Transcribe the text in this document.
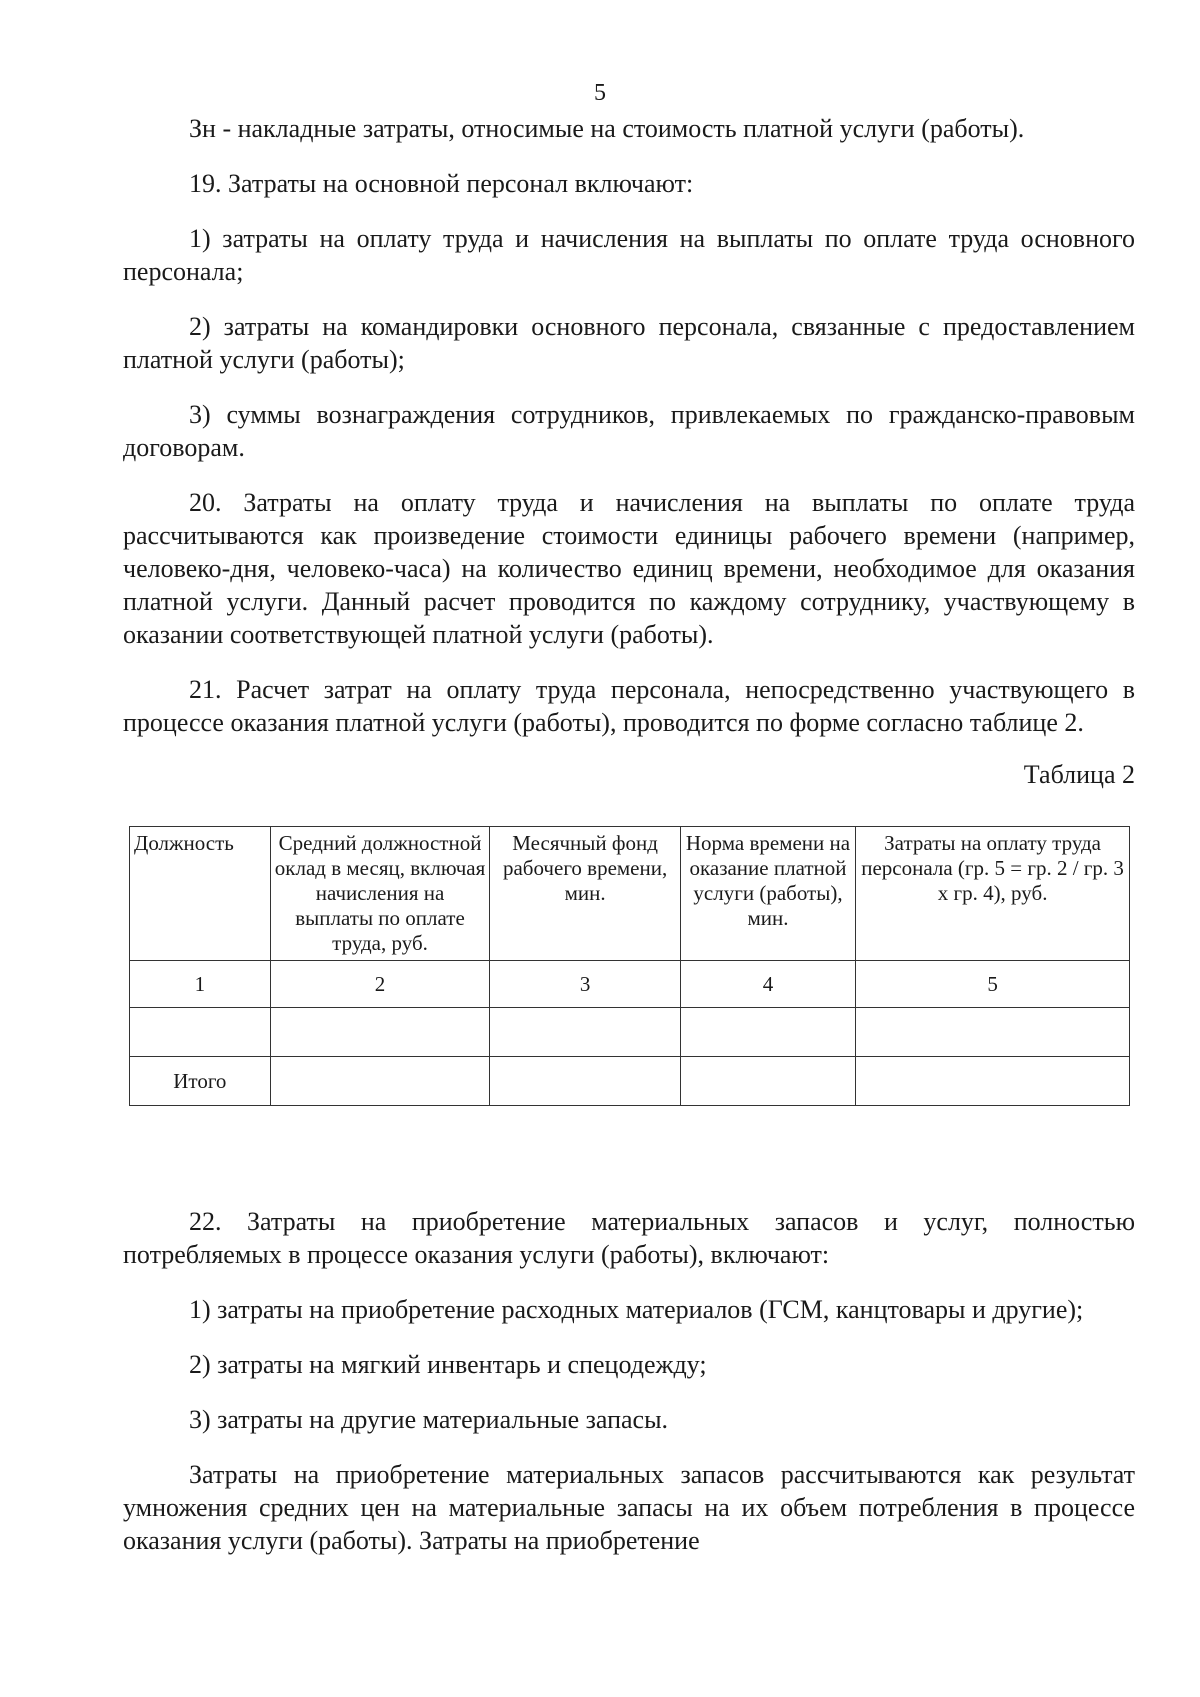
5

Зн - накладные затраты, относимые на стоимость платной услуги (работы).

19. Затраты на основной персонал включают:

1) затраты на оплату труда и начисления на выплаты по оплате труда основного персонала;

2) затраты на командировки основного персонала, связанные с предоставлением платной услуги (работы);

3) суммы вознаграждения сотрудников, привлекаемых по гражданско-правовым договорам.

20. Затраты на оплату труда и начисления на выплаты по оплате труда рассчитываются как произведение стоимости единицы рабочего времени (например, человеко-дня, человеко-часа) на количество единиц времени, необходимое для оказания платной услуги. Данный расчет проводится по каждому сотруднику, участвующему в оказании соответствующей платной услуги (работы).

21. Расчет затрат на оплату труда персонала, непосредственно участвующего в процессе оказания платной услуги (работы), проводится по форме согласно таблице 2.

Таблица 2
Должность	Средний должностной оклад в месяц, включая начисления на выплаты по оплате труда, руб.	Месячный фонд рабочего времени, мин.	Норма времени на оказание платной услуги (работы), мин.	Затраты на оплату труда персонала (гр. 5 = гр. 2 / гр. 3 х гр. 4), руб.
1	2	3	4	5

Итого				

22. Затраты на приобретение материальных запасов и услуг, полностью потребляемых в процессе оказания услуги (работы), включают:

1) затраты на приобретение расходных материалов (ГСМ, канцтовары и другие);

2) затраты на мягкий инвентарь и спецодежду;

3) затраты на другие материальные запасы.

Затраты на приобретение материальных запасов рассчитываются как результат умножения средних цен на материальные запасы на их объем потребления в процессе оказания услуги (работы). Затраты на приобретение
